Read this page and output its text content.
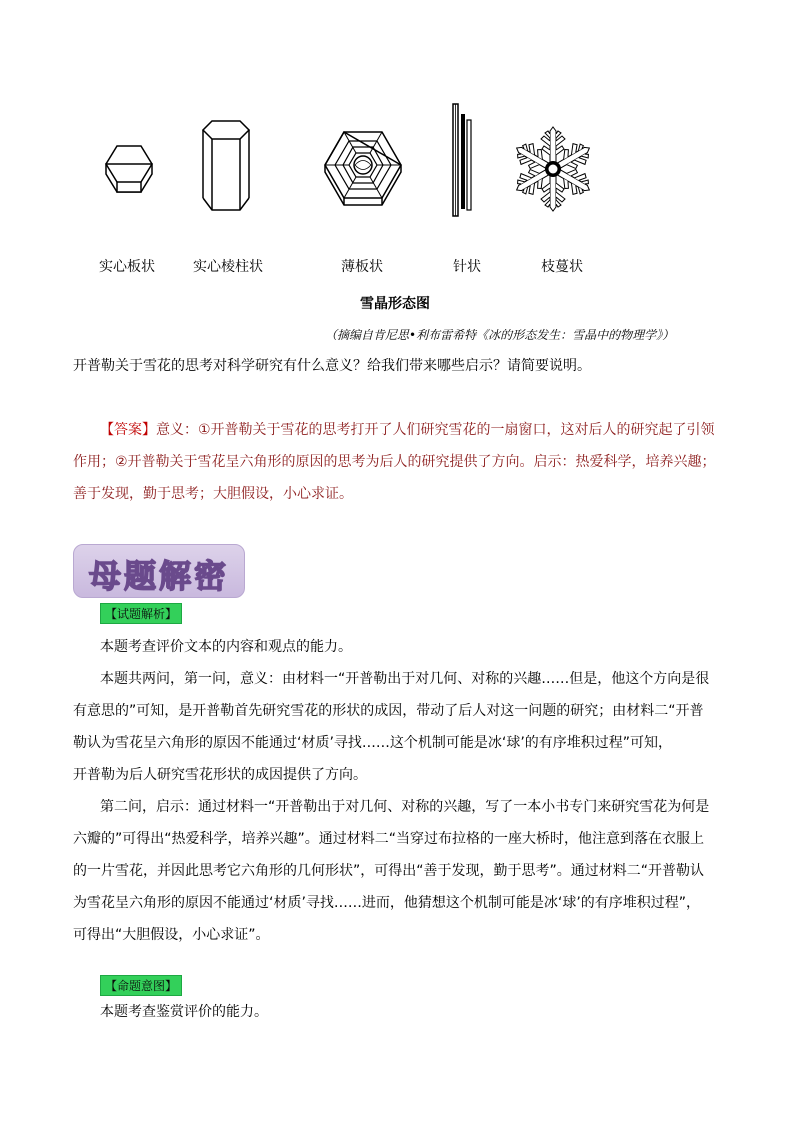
实心板状	实心棱柱状	薄板状	针状	枝蔓状
雪晶形态图
（摘编自肯尼思•利布雷希特《冰的形态发生：雪晶中的物理学》）
开普勒关于雪花的思考对科学研究有什么意义？给我们带来哪些启示？请简要说明。
【答案】意义：①开普勒关于雪花的思考打开了人们研究雪花的一扇窗口，这对后人的研究起了引领
作用；②开普勒关于雪花呈六角形的原因的思考为后人的研究提供了方向。启示：热爱科学，培养兴趣；
善于发现，勤于思考；大胆假设，小心求证。
母题解密
【试题解析】
本题考查评价文本的内容和观点的能力。
本题共两问，第一问，意义：由材料一“开普勒出于对几何、对称的兴趣……但是，他这个方向是很
有意思的”可知，是开普勒首先研究雪花的形状的成因，带动了后人对这一问题的研究；由材料二“开普
勒认为雪花呈六角形的原因不能通过‘材质’寻找……这个机制可能是冰‘球’的有序堆积过程”可知，
开普勒为后人研究雪花形状的成因提供了方向。
第二问，启示：通过材料一“开普勒出于对几何、对称的兴趣，写了一本小书专门来研究雪花为何是
六瓣的”可得出“热爱科学，培养兴趣”。通过材料二“当穿过布拉格的一座大桥时，他注意到落在衣服上
的一片雪花，并因此思考它六角形的几何形状”，可得出“善于发现，勤于思考”。通过材料二“开普勒认
为雪花呈六角形的原因不能通过‘材质’寻找……进而，他猜想这个机制可能是冰‘球’的有序堆积过程”，
可得出“大胆假设，小心求证”。
【命题意图】
本题考查鉴赏评价的能力。
